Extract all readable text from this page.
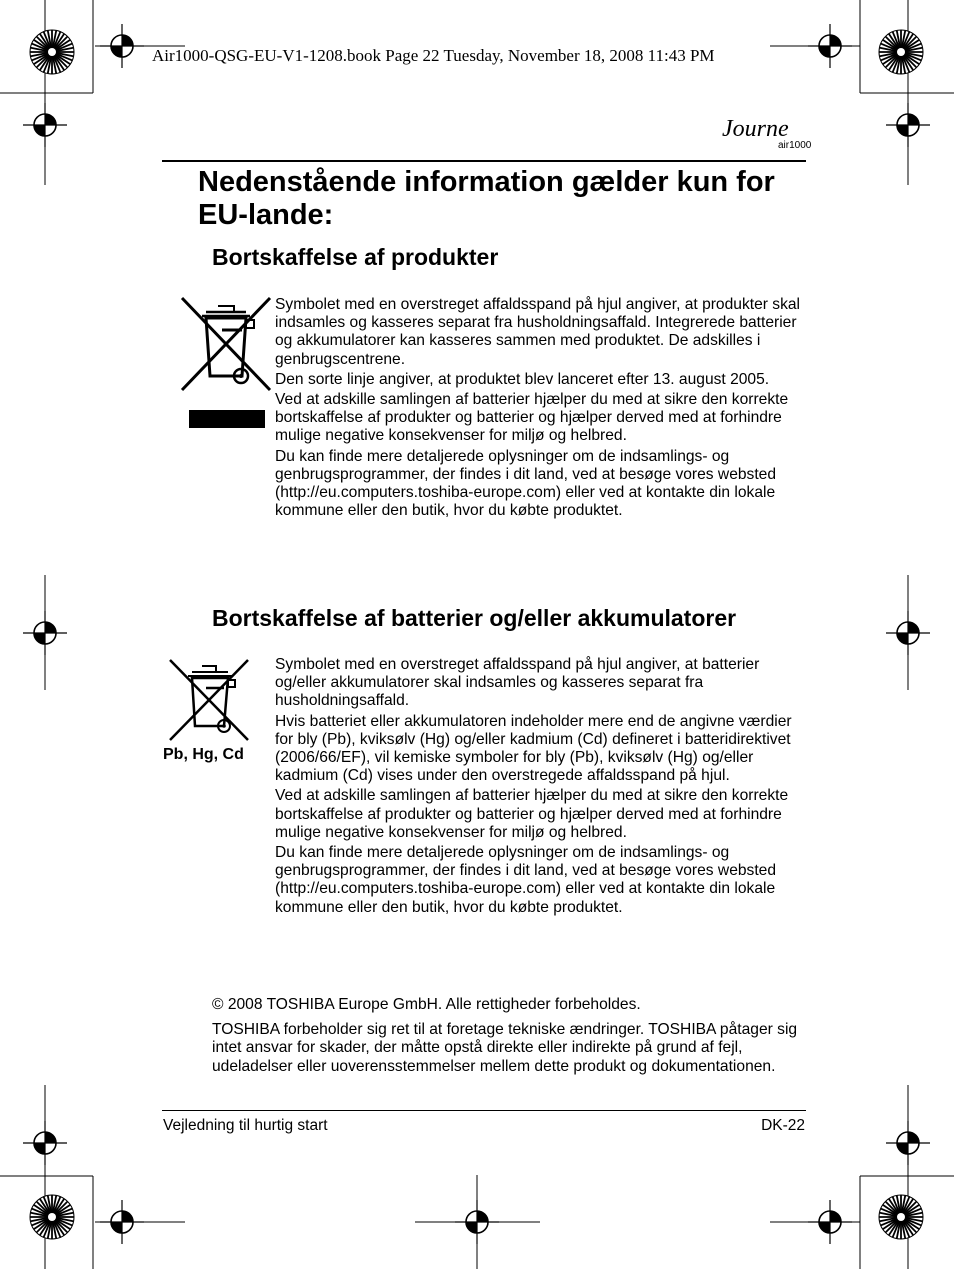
Air1000-QSG-EU-V1-1208.book Page 22 Tuesday, November 18, 2008 11:43 PM
Journe
air1000
Nedenstående information gælder kun for EU-lande:
Bortskaffelse af produkter

Symbolet med en overstreget affaldsspand på hjul angiver, at produkter skal indsamles og kasseres separat fra husholdningsaffald. Integrerede batterier og akkumulatorer kan kasseres sammen med produktet. De adskilles i genbrugscentrene.

Den sorte linje angiver, at produktet blev lanceret efter 13. august 2005.

Ved at adskille samlingen af batterier hjælper du med at sikre den korrekte bortskaffelse af produkter og batterier og hjælper derved med at forhindre mulige negative konsekvenser for miljø og helbred.

Du kan finde mere detaljerede oplysninger om de indsamlings- og genbrugsprogrammer, der findes i dit land, ved at besøge vores websted (http://eu.computers.toshiba-europe.com) eller ved at kontakte din lokale kommune eller den butik, hvor du købte produktet.

Bortskaffelse af batterier og/eller akkumulatorer
Pb, Hg, Cd

Symbolet med en overstreget affaldsspand på hjul angiver, at batterier og/eller akkumulatorer skal indsamles og kasseres separat fra husholdningsaffald.

Hvis batteriet eller akkumulatoren indeholder mere end de angivne værdier for bly (Pb), kviksølv (Hg) og/eller kadmium (Cd) defineret i batteridirektivet (2006/66/EF), vil kemiske symboler for bly (Pb), kviksølv (Hg) og/eller kadmium (Cd) vises under den overstregede affaldsspand på hjul.

Ved at adskille samlingen af batterier hjælper du med at sikre den korrekte bortskaffelse af produkter og batterier og hjælper derved med at forhindre mulige negative konsekvenser for miljø og helbred.

Du kan finde mere detaljerede oplysninger om de indsamlings- og genbrugsprogrammer, der findes i dit land, ved at besøge vores websted (http://eu.computers.toshiba-europe.com) eller ved at kontakte din lokale kommune eller den butik, hvor du købte produktet.

© 2008 TOSHIBA Europe GmbH. Alle rettigheder forbeholdes.

TOSHIBA forbeholder sig ret til at foretage tekniske ændringer. TOSHIBA påtager sig intet ansvar for skader, der måtte opstå direkte eller indirekte på grund af fejl, udeladelser eller uoverensstemmelser mellem dette produkt og dokumentationen.

Vejledning til hurtig start	DK-22
